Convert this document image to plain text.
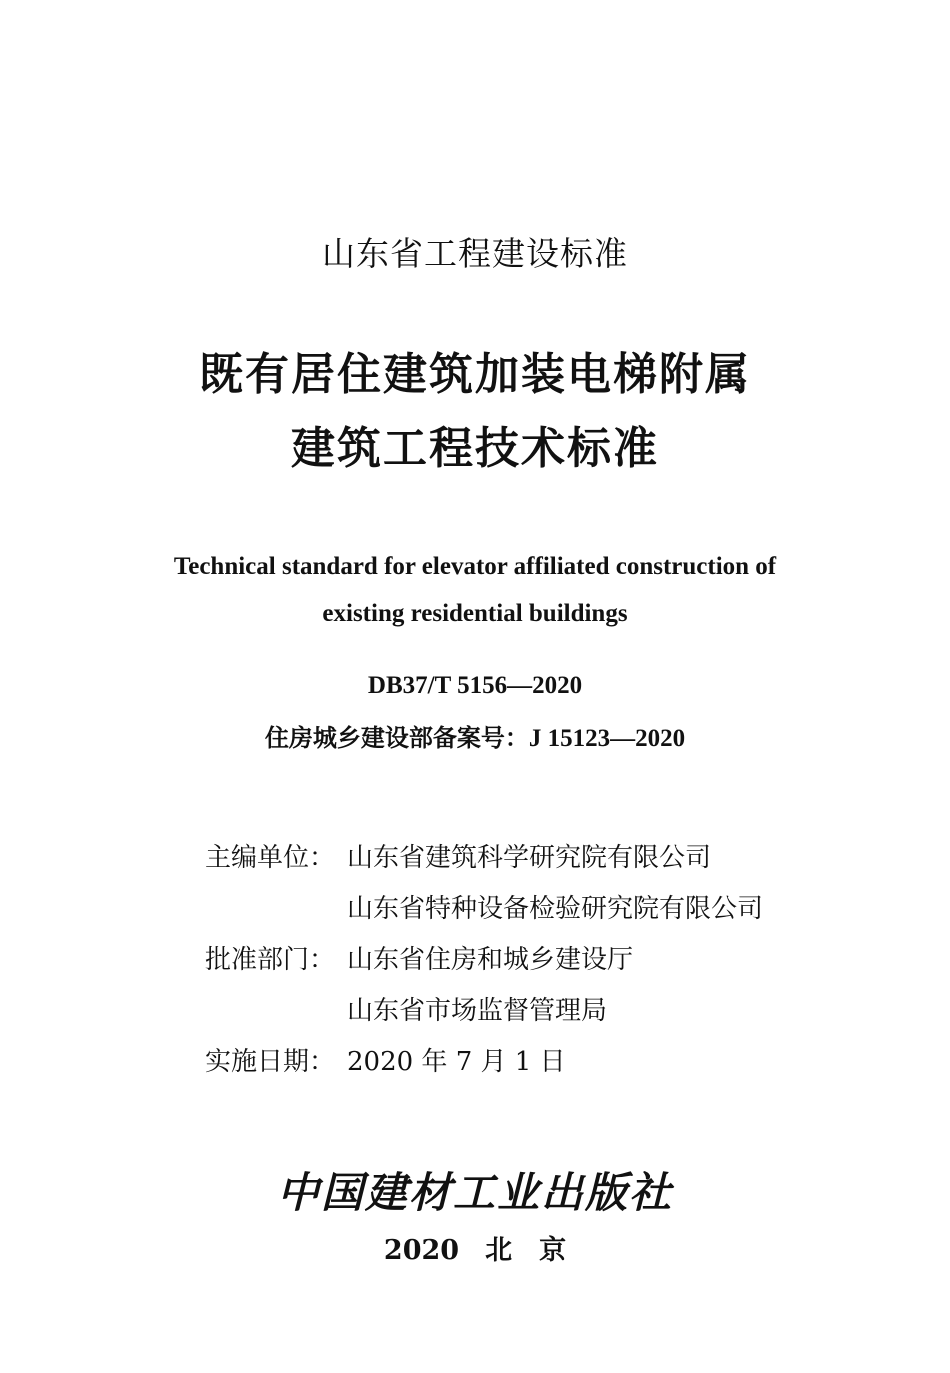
山东省工程建设标准
既有居住建筑加装电梯附属
建筑工程技术标准
Technical standard for elevator affiliated construction of
existing residential buildings
DB37/T 5156—2020
住房城乡建设部备案号：J 15123—2020
主编单位： 山东省建筑科学研究院有限公司
山东省特种设备检验研究院有限公司
批准部门： 山东省住房和城乡建设厅
山东省市场监督管理局
实施日期： 2020 年 7 月 1 日
中国建材工业出版社
2020 北　京
